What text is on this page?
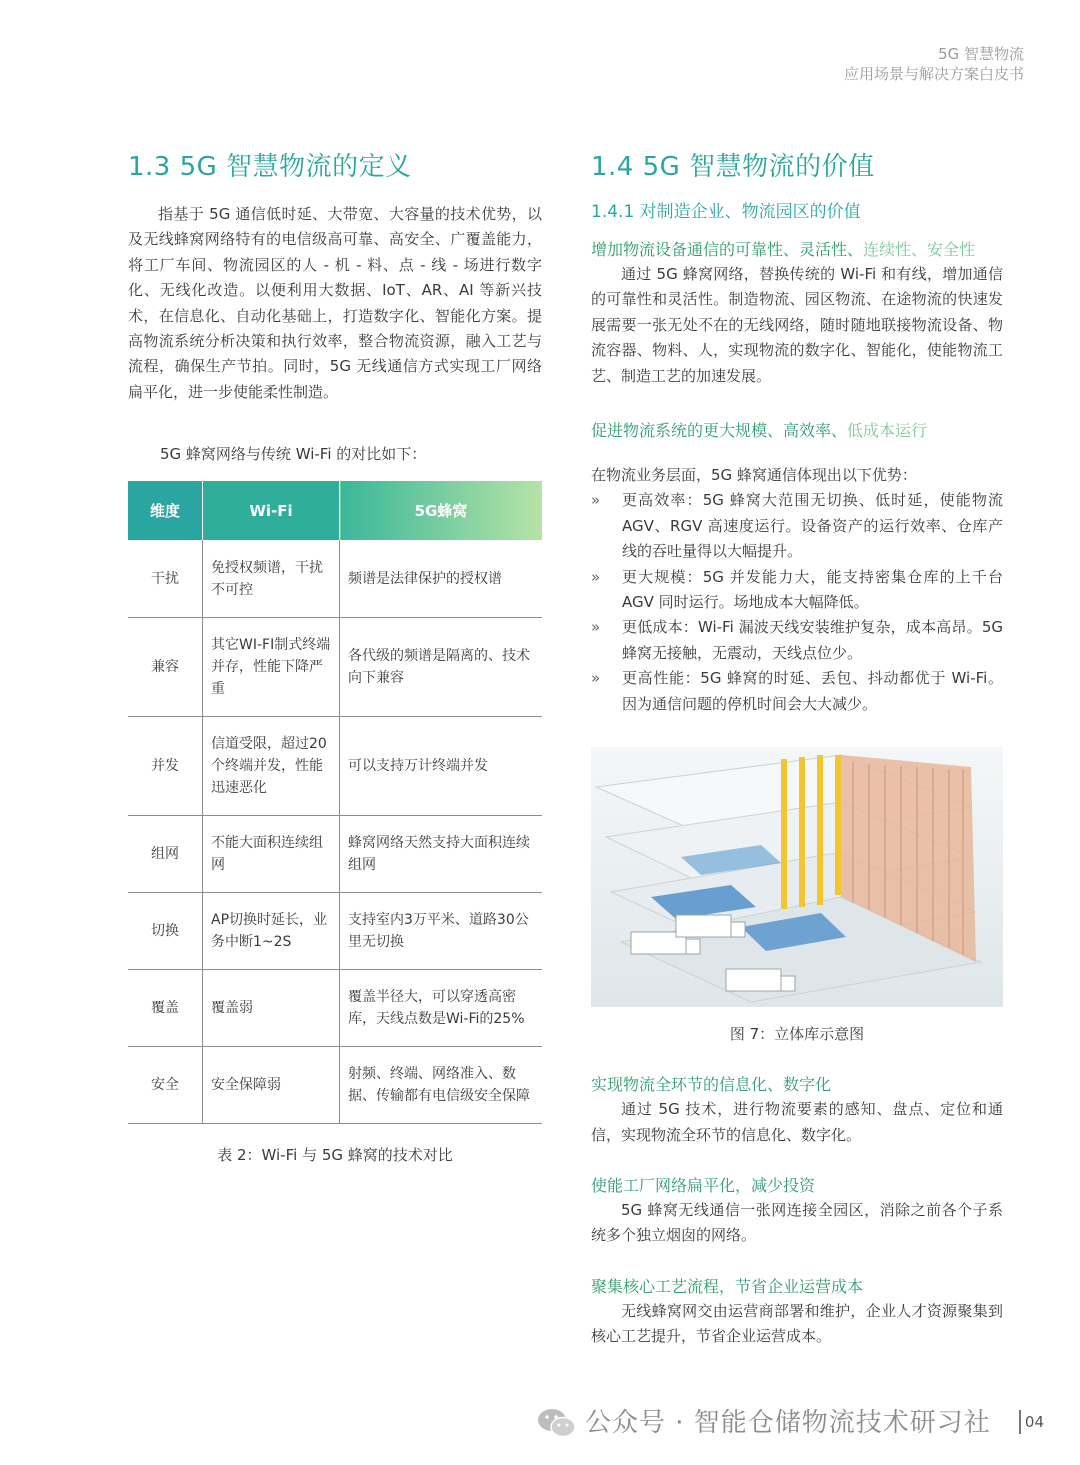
5G 智慧物流
应用场景与解决方案白皮书
1.3 5G 智慧物流的定义

指基于 5G 通信低时延、大带宽、大容量的技术优势，以及无线蜂窝网络特有的电信级高可靠、高安全、广覆盖能力，将工厂车间、物流园区的人 - 机 - 料、点 - 线 - 场进行数字化、无线化改造。以便利用大数据、IoT、AR、AI 等新兴技术，在信息化、自动化基础上，打造数字化、智能化方案。提高物流系统分析决策和执行效率，整合物流资源，融入工艺与流程，确保生产节拍。同时，5G 无线通信方式实现工厂网络扁平化，进一步使能柔性制造。

5G 蜂窝网络与传统 Wi-Fi 的对比如下：
维度	Wi-Fi	5G蜂窝
干扰	免授权频谱，干扰不可控	频谱是法律保护的授权谱
兼容	其它WI-FI制式终端并存，性能下降严重	各代级的频谱是隔离的、技术向下兼容
并发	信道受限，超过20个终端并发，性能迅速恶化	可以支持万计终端并发
组网	不能大面积连续组网	蜂窝网络天然支持大面积连续组网
切换	AP切换时延长，业务中断1~2S	支持室内3万平米、道路30公里无切换
覆盖	覆盖弱	覆盖半径大，可以穿透高密库，天线点数是Wi-Fi的25%
安全	安全保障弱	射频、终端、网络准入、数据、传输都有电信级安全保障
表 2：Wi-Fi 与 5G 蜂窝的技术对比
1.4 5G 智慧物流的价值
1.4.1 对制造企业、物流园区的价值
增加物流设备通信的可靠性、灵活性、连续性、安全性

通过 5G 蜂窝网络，替换传统的 Wi-Fi 和有线，增加通信的可靠性和灵活性。制造物流、园区物流、在途物流的快速发展需要一张无处不在的无线网络，随时随地联接物流设备、物流容器、物料、人，实现物流的数字化、智能化，使能物流工艺、制造工艺的加速发展。

促进物流系统的更大规模、高效率、低成本运行

在物流业务层面，5G 蜂窝通信体现出以下优势：

» 更高效率：5G 蜂窝大范围无切换、低时延，使能物流 AGV、RGV 高速度运行。设备资产的运行效率、仓库产线的吞吐量得以大幅提升。
» 更大规模：5G 并发能力大，能支持密集仓库的上千台 AGV 同时运行。场地成本大幅降低。
» 更低成本：Wi-Fi 漏波天线安装维护复杂，成本高昂。5G 蜂窝无接触，无震动，天线点位少。
» 更高性能：5G 蜂窝的时延、丢包、抖动都优于 Wi-Fi。因为通信问题的停机时间会大大减少。
图 7：立体库示意图
实现物流全环节的信息化、数字化

通过 5G 技术，进行物流要素的感知、盘点、定位和通信，实现物流全环节的信息化、数字化。

使能工厂网络扁平化，减少投资

5G 蜂窝无线通信一张网连接全园区，消除之前各个子系统多个独立烟囱的网络。

聚集核心工艺流程，节省企业运营成本

无线蜂窝网交由运营商部署和维护，企业人才资源聚集到核心工艺提升，节省企业运营成本。

公众号 · 智能仓储物流技术研习社	04
